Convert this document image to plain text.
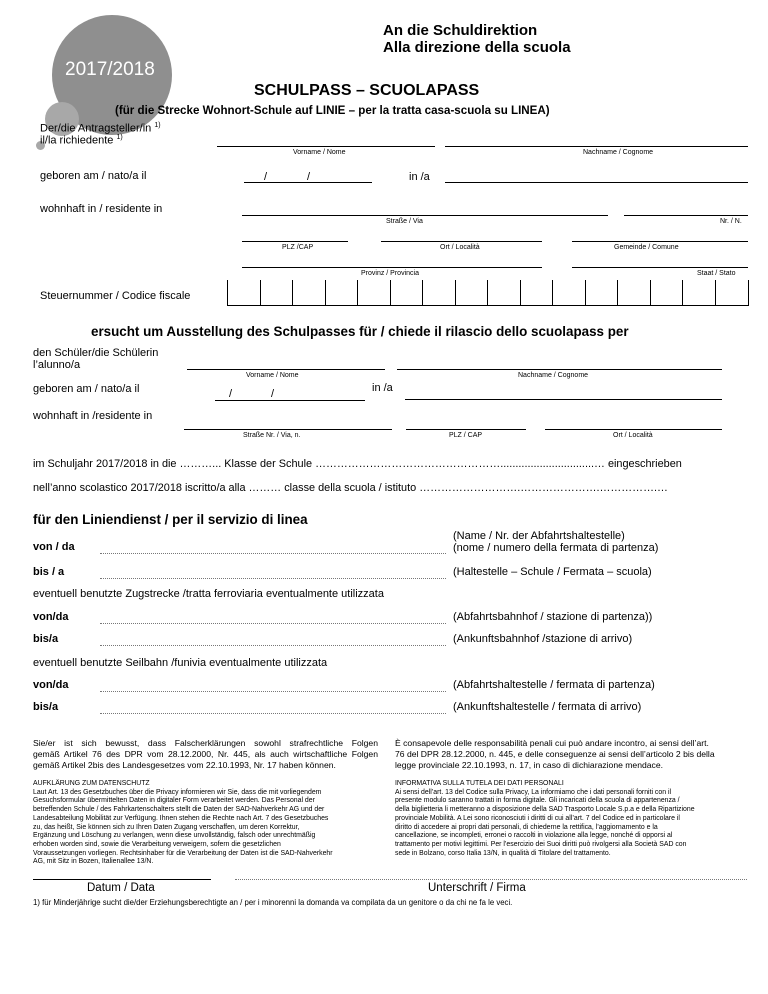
2017/2018
An die Schuldirektion
Alla direzione della scuola
SCHULPASS – SCUOLAPASS
(für die Strecke Wohnort-Schule auf LINIE – per la tratta casa-scuola su LINEA)
Der/die Antragsteller/in $^{1)}$
il/la richiedente $^{1)}$
Vorname / Nome	Nachname / Cognome
geboren am / nato/a il	/	/	in /a
wohnhaft in / residente in
Straße / Via	Nr. / N.
PLZ /CAP	Ort / Località	Gemeinde / Comune
Provinz / Provincia	Staat / Stato
Steuernummer / Codice fiscale
ersucht um Ausstellung des Schulpasses für / chiede il rilascio dello scuolapass per
den Schüler/die Schülerin
l’alunno/a
Vorname / Nome	Nachname / Cognome
geboren am / nato/a il	/	/	in /a
wohnhaft in /residente in
Straße Nr. / Via, n.	PLZ / CAP	Ort / Località
im Schuljahr 2017/2018 in die ………... Klasse der Schule ……………………………………………...............................… eingeschrieben
nell’anno scolastico 2017/2018 iscritto/a alla ……… classe della scuola / istituto ……………………….………………….…………….…
für den Liniendienst / per il servizio di linea
von / da
(Name / Nr. der Abfahrtshaltestelle)
(nome / numero della fermata di partenza)
bis / a	(Haltestelle – Schule / Fermata – scuola)
eventuell benutzte Zugstrecke /tratta ferroviaria eventualmente utilizzata
von/da	(Abfahrtsbahnhof / stazione di partenza))
bis/a	(Ankunftsbahnhof /stazione di arrivo)
eventuell benutzte Seilbahn /funivia eventualmente utilizzata
von/da	(Abfahrtshaltestelle / fermata di partenza)
bis/a	(Ankunftshaltestelle / fermata di arrivo)
Sie/er ist sich bewusst, dass Falscherklärungen sowohl strafrechtliche Folgen
gemäß Artikel 76 des DPR vom 28.12.2000, Nr. 445, als auch wirtschaftliche Folgen
gemäß Artikel 2bis des Landesgesetzes vom 22.10.1993, Nr. 17 haben können.
È consapevole delle responsabilità penali cui può andare incontro, ai sensi dell’art.
76 del DPR 28.12.2000, n. 445, e delle conseguenze ai sensi dell’articolo 2 bis della
legge provinciale 22.10.1993, n. 17, in caso di dichiarazione mendace.
AUFKLÄRUNG ZUM DATENSCHUTZ
Laut Art. 13 des Gesetzbuches über die Privacy informieren wir Sie, dass die mit vorliegendem
Gesuchsformular übermittelten Daten in digitaler Form verarbeitet werden. Das Personal der
betreffenden Schule / des Fahrkartenschalters stellt die Daten der SAD-Nahverkehr AG und der
Landesabteilung Mobilität zur Verfügung. Ihnen stehen die Rechte nach Art. 7 des Gesetzbuches
zu, das heißt, Sie können sich zu Ihren Daten Zugang verschaffen, um deren Korrektur,
Ergänzung und Löschung zu verlangen, wenn diese unvollständig, falsch oder unrechtmäßig
erhoben worden sind, sowie die Verarbeitung verweigern, sofern die gesetzlichen
Voraussetzungen vorliegen. Rechtsinhaber für die Verarbeitung der Daten ist die SAD-Nahverkehr
AG, mit Sitz in Bozen, Italienallee 13/N.
INFORMATIVA SULLA TUTELA DEI DATI PERSONALI
Ai sensi dell’art. 13 del Codice sulla Privacy, La informiamo che i dati personali forniti con il
presente modulo saranno trattati in forma digitale. Gli incaricati della scuola di appartenenza /
della biglietteria li metteranno a disposizione della SAD Trasporto Locale S.p.a e della Ripartizione
provinciale Mobilità. A Lei sono riconosciuti i diritti di cui all’art. 7 del Codice ed in particolare il
diritto di accedere ai propri dati personali, di chiederne la rettifica, l’aggiornamento e la
cancellazione, se incompleti, erronei o raccolti in violazione alla legge, nonché di opporsi al
trattamento per motivi legittimi. Per l’esercizio dei Suoi diritti può rivolgersi alla Società SAD con
sede in Bolzano, corso Italia 13/N, in qualità di Titolare del trattamento.
Datum / Data	Unterschrift / Firma
1) für Minderjährige sucht die/der Erziehungsberechtigte an / per i minorenni la domanda va compilata da un genitore o da chi ne fa le veci.
